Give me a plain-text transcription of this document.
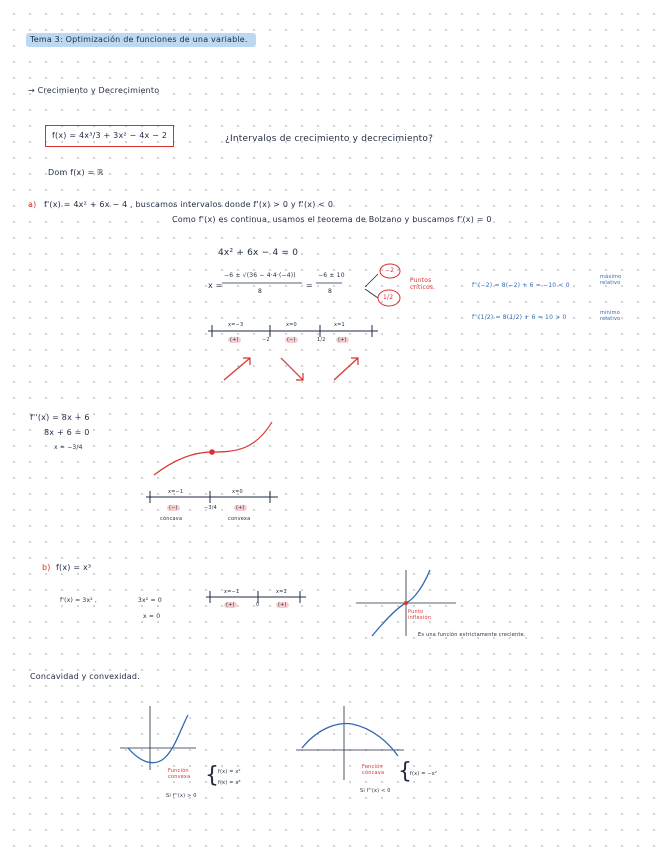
Tema 3: Optimización de funciones de una variable.
→ Crecimiento y Decrecimiento
f(x) = 4x³/3 + 3x² − 4x − 2	¿Intervalos de crecimiento y decrecimiento?
Dom f(x) = ℝ
a) f'(x) = 4x² + 6x − 4 , buscamos intervalos donde f'(x) > 0 y f'(x) < 0
Como f'(x) es continua, usamos el teorema de Bolzano y buscamos f'(x) = 0
4x² + 6x − 4 = 0
x =
−6 ± √(36 − 4·4·(−4))
8
=
−6 ± 10
8
−2
1/2
Puntos críticos.	f''(−2) = 8(−2) + 6 = −10 < 0
f''(1/2) = 8(1/2) + 6 = 10 > 0
máximo relativo
mínimo relativo
x=−3	x=0	x=1
−2	1/2
(+)	(−)	(+)
f''(x) = 8x + 6
8x + 6 = 0
x = −3/4
x=−1	x=0
−3/4
(−)	(+)
cóncava	convexa
b) f(x) = x³
f'(x) = 3x² ,	3x² = 0
x = 0
x=−1	x=1
0
(+)	(+)
Punto inflexión
Es una función estrictamente creciente.
Concavidad y convexidad.
Función convexa { f(x) = x²
f(x) = x³
Si f''(x) > 0
Función cóncava {
f(x) = −x²
Si f''(x) < 0
